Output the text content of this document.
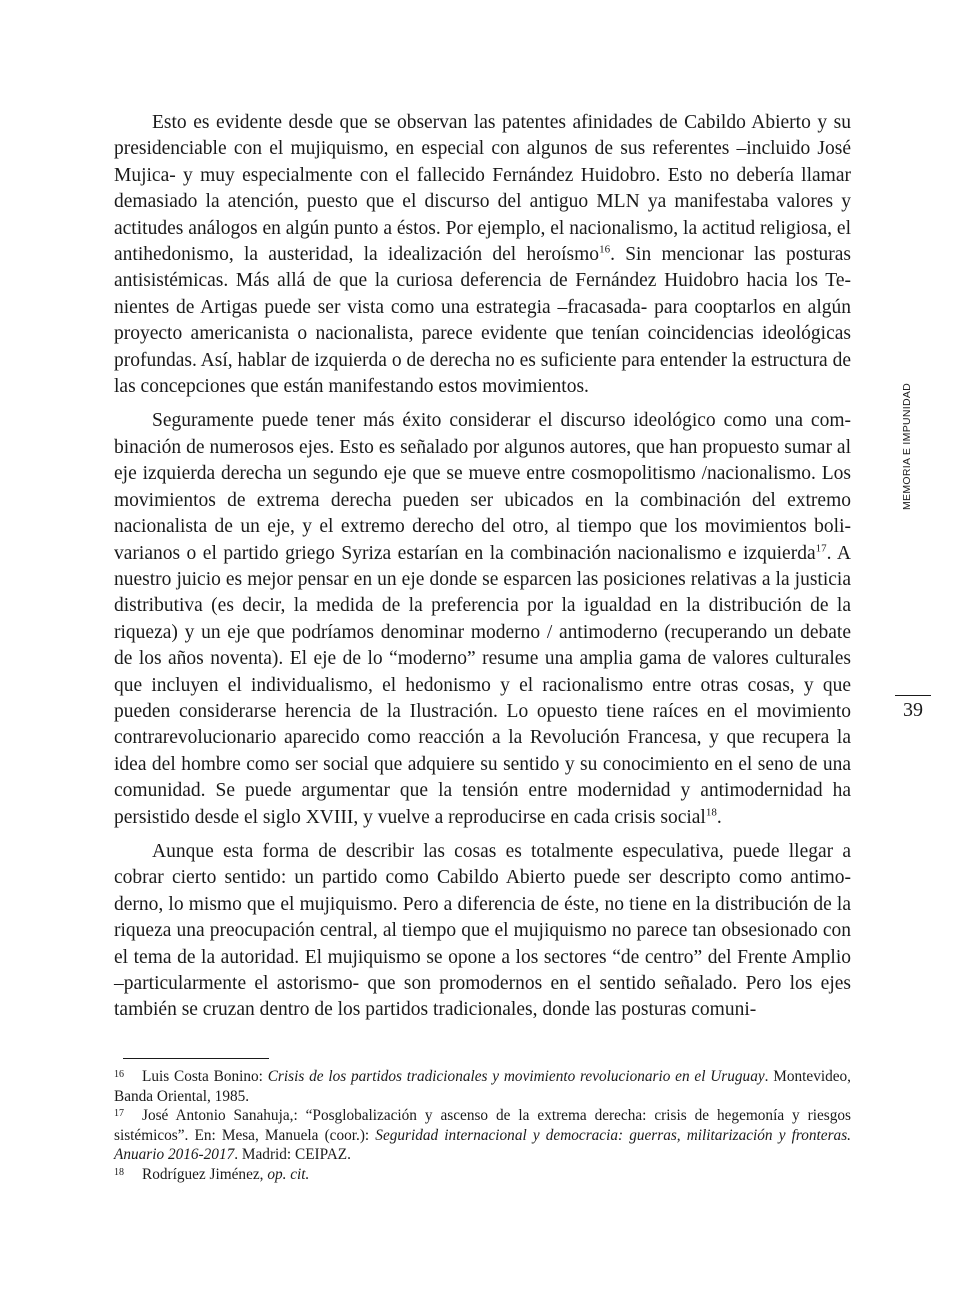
Esto es evidente desde que se observan las patentes afinidades de Cabildo Abierto y su presidenciable con el mujiquismo, en especial con algunos de sus referentes –incluido José Mujica- y muy especialmente con el fallecido Fernández Huidobro. Esto no debería llamar demasiado la atención, puesto que el discurso del antiguo MLN ya manifestaba valores y actitudes análogos en algún punto a éstos. Por ejemplo, el nacionalismo, la actitud religiosa, el antihedonismo, la austeridad, la idealización del heroísmo$^{16}$. Sin mencionar las posturas antisistémicas. Más allá de que la curiosa deferencia de Fernández Huidobro hacia los Tenientes de Artigas puede ser vista como una estrategia –fracasada- para cooptarlos en algún proyecto americanista o nacionalista, parece evidente que tenían coincidencias ideológicas profundas. Así, hablar de izquierda o de derecha no es suficiente para entender la estructura de las concepciones que están manifestando estos movimientos.

Seguramente puede tener más éxito considerar el discurso ideológico como una combinación de numerosos ejes. Esto es señalado por algunos autores, que han propuesto sumar al eje izquierda derecha un segundo eje que se mueve entre cosmopolitismo /nacionalismo. Los movimientos de extrema derecha pueden ser ubicados en la combinación del extremo nacionalista de un eje, y el extremo derecho del otro, al tiempo que los movimientos bolivarianos o el partido griego Syriza estarían en la combinación nacionalismo e izquierda$^{17}$. A nuestro juicio es mejor pensar en un eje donde se esparcen las posiciones relativas a la justicia distributiva (es decir, la medida de la preferencia por la igualdad en la distribución de la riqueza) y un eje que podríamos denominar moderno / antimoderno (recuperando un debate de los años noventa). El eje de lo “moderno” resume una amplia gama de valores culturales que incluyen el individualismo, el hedonismo y el racionalismo entre otras cosas, y que pueden considerarse herencia de la Ilustración. Lo opuesto tiene raíces en el movimiento contrarevolucionario aparecido como reacción a la Revolución Francesa, y que recupera la idea del hombre como ser social que adquiere su sentido y su conocimiento en el seno de una comunidad. Se puede argumentar que la tensión entre modernidad y antimodernidad ha persistido desde el siglo XVIII, y vuelve a reproducirse en cada crisis social$^{18}$.

Aunque esta forma de describir las cosas es totalmente especulativa, puede llegar a cobrar cierto sentido: un partido como Cabildo Abierto puede ser descripto como antimoderno, lo mismo que el mujiquismo. Pero a diferencia de éste, no tiene en la distribución de la riqueza una preocupación central, al tiempo que el mujiquismo no parece tan obsesionado con el tema de la autoridad. El mujiquismo se opone a los sectores “de centro” del Frente Amplio –particularmente el astorismo- que son promodernos en el sentido señalado. Pero los ejes también se cruzan dentro de los partidos tradicionales, donde las posturas comuni-

16 Luis Costa Bonino: Crisis de los partidos tradicionales y movimiento revolucionario en el Uruguay. Montevideo, Banda Oriental, 1985.

17 José Antonio Sanahuja,: “Posglobalización y ascenso de la extrema derecha: crisis de hegemonía y riesgos sistémicos”. En: Mesa, Manuela (coor.): Seguridad internacional y democracia: guerras, militarización y fronteras. Anuario 2016-2017. Madrid: CEIPAZ.

18 Rodríguez Jiménez, op. cit.

MEMORIA E IMPUNIDAD
39
